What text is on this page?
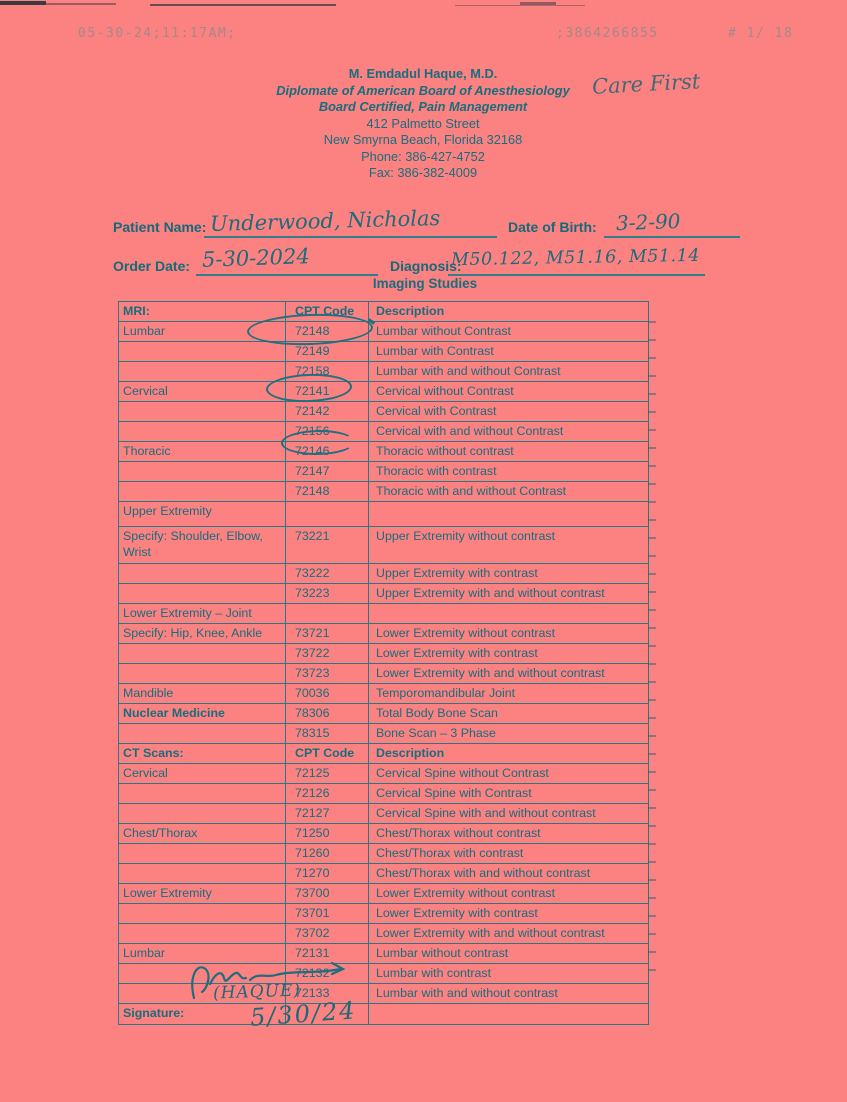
05-30-24;11:17AM;	;3864266855	# 1/ 18
M. Emdadul Haque, M.D.
Diplomate of American Board of Anesthesiology
Board Certified, Pain Management
412 Palmetto Street
New Smyrna Beach, Florida 32168
Phone: 386-427-4752
Fax: 386-382-4009
Care First
Patient Name: Underwood, Nicholas	Date of Birth: 3-2-90
Order Date: 5-30-2024	Diagnosis:
M50.122, M51.16, M51.14
Imaging Studies
MRI:	CPT Code	Description
Lumbar	72148	Lumbar without Contrast
	72149	Lumbar with Contrast
	72158	Lumbar with and without Contrast
Cervical	72141	Cervical without Contrast
	72142	Cervical with Contrast
	72156	Cervical with and without Contrast
Thoracic	72146	Thoracic without contrast
	72147	Thoracic with contrast
	72148	Thoracic with and without Contrast
Upper Extremity		
Specify: Shoulder, Elbow, Wrist	73221	Upper Extremity without contrast
	73222	Upper Extremity with contrast
	73223	Upper Extremity with and without contrast
Lower Extremity – Joint		
Specify: Hip, Knee, Ankle	73721	Lower Extremity without contrast
	73722	Lower Extremity with contrast
	73723	Lower Extremity with and without contrast
Mandible	70036	Temporomandibular Joint
Nuclear Medicine	78306	Total Body Bone Scan
	78315	Bone Scan – 3 Phase
CT Scans:	CPT Code	Description
Cervical	72125	Cervical Spine without Contrast
	72126	Cervical Spine with Contrast
	72127	Cervical Spine with and without contrast
Chest/Thorax	71250	Chest/Thorax without contrast
	71260	Chest/Thorax with contrast
	71270	Chest/Thorax with and without contrast
Lower Extremity	73700	Lower Extremity without contrast
	73701	Lower Extremity with contrast
	73702	Lower Extremity with and without contrast
Lumbar	72131	Lumbar without contrast
	72132	Lumbar with contrast
	72133	Lumbar with and without contrast
Signature:		
(HAQUE)
5/30/24
